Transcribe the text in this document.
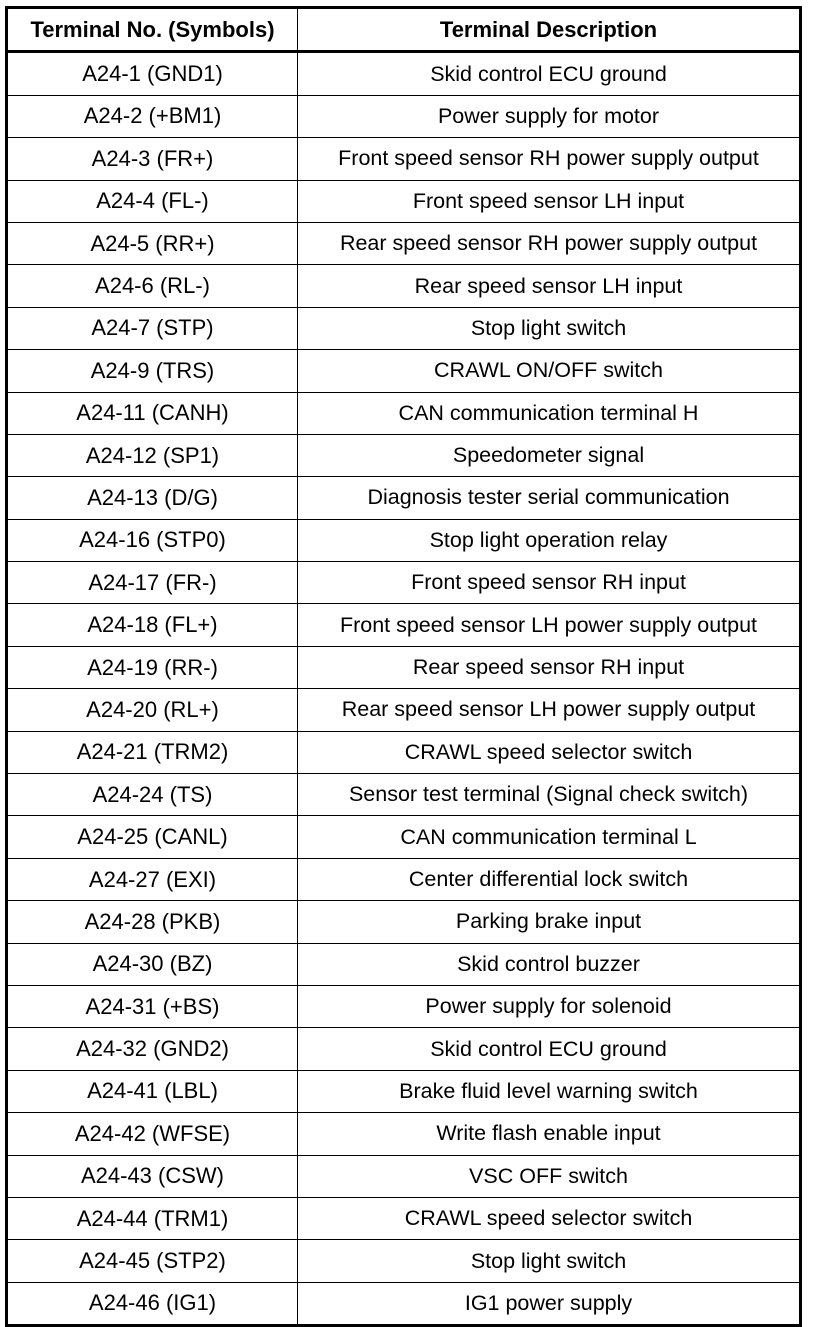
Terminal No. (Symbols)	Terminal Description
A24-1 (GND1)	Skid control ECU ground
A24-2 (+BM1)	Power supply for motor
A24-3 (FR+)	Front speed sensor RH power supply output
A24-4 (FL-)	Front speed sensor LH input
A24-5 (RR+)	Rear speed sensor RH power supply output
A24-6 (RL-)	Rear speed sensor LH input
A24-7 (STP)	Stop light switch
A24-9 (TRS)	CRAWL ON/OFF switch
A24-11 (CANH)	CAN communication terminal H
A24-12 (SP1)	Speedometer signal
A24-13 (D/G)	Diagnosis tester serial communication
A24-16 (STP0)	Stop light operation relay
A24-17 (FR-)	Front speed sensor RH input
A24-18 (FL+)	Front speed sensor LH power supply output
A24-19 (RR-)	Rear speed sensor RH input
A24-20 (RL+)	Rear speed sensor LH power supply output
A24-21 (TRM2)	CRAWL speed selector switch
A24-24 (TS)	Sensor test terminal (Signal check switch)
A24-25 (CANL)	CAN communication terminal L
A24-27 (EXI)	Center differential lock switch
A24-28 (PKB)	Parking brake input
A24-30 (BZ)	Skid control buzzer
A24-31 (+BS)	Power supply for solenoid
A24-32 (GND2)	Skid control ECU ground
A24-41 (LBL)	Brake fluid level warning switch
A24-42 (WFSE)	Write flash enable input
A24-43 (CSW)	VSC OFF switch
A24-44 (TRM1)	CRAWL speed selector switch
A24-45 (STP2)	Stop light switch
A24-46 (IG1)	IG1 power supply
